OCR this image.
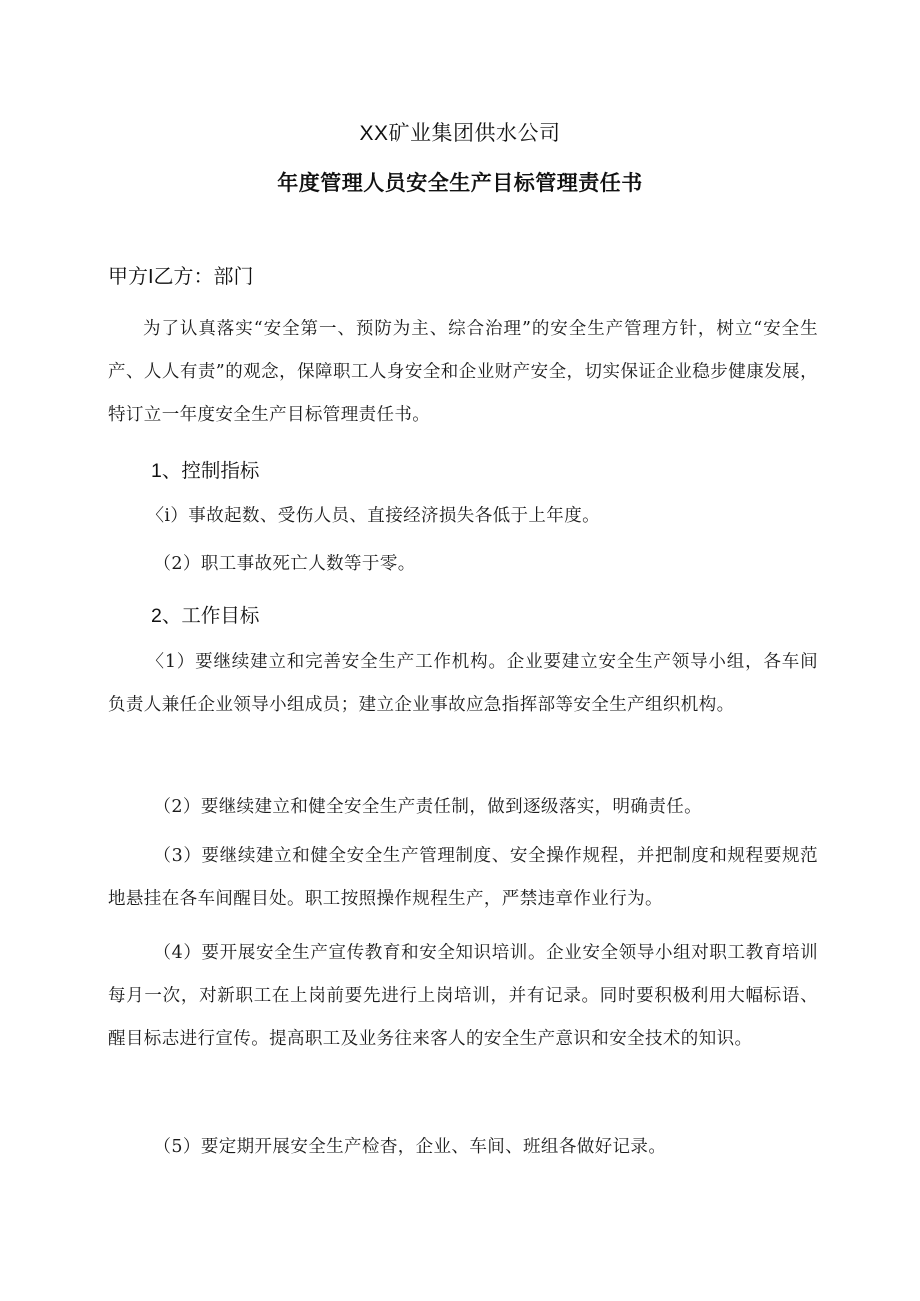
XX矿业集团供水公司
年度管理人员安全生产目标管理责任书
甲方I乙方：部门

为了认真落实“安全第一、预防为主、综合治理”的安全生产管理方针，树立“安全生产、人人有责”的观念，保障职工人身安全和企业财产安全，切实保证企业稳步健康发展，特订立一年度安全生产目标管理责任书。

1、控制指标

〈i）事故起数、受伤人员、直接经济损失各低于上年度。

（2）职工事故死亡人数等于零。

2、工作目标

〈1）要继续建立和完善安全生产工作机构。企业要建立安全生产领导小组，各车间负责人兼任企业领导小组成员；建立企业事故应急指挥部等安全生产组织机构。

（2）要继续建立和健全安全生产责任制，做到逐级落实，明确责任。

（3）要继续建立和健全安全生产管理制度、安全操作规程，并把制度和规程要规范地悬挂在各车间醒目处。职工按照操作规程生产，严禁违章作业行为。

（4）要开展安全生产宣传教育和安全知识培训。企业安全领导小组对职工教育培训每月一次，对新职工在上岗前要先进行上岗培训，并有记录。同时要积极利用大幅标语、醒目标志进行宣传。提高职工及业务往来客人的安全生产意识和安全技术的知识。

（5）要定期开展安全生产检杳，企业、车间、班组各做好记录。
